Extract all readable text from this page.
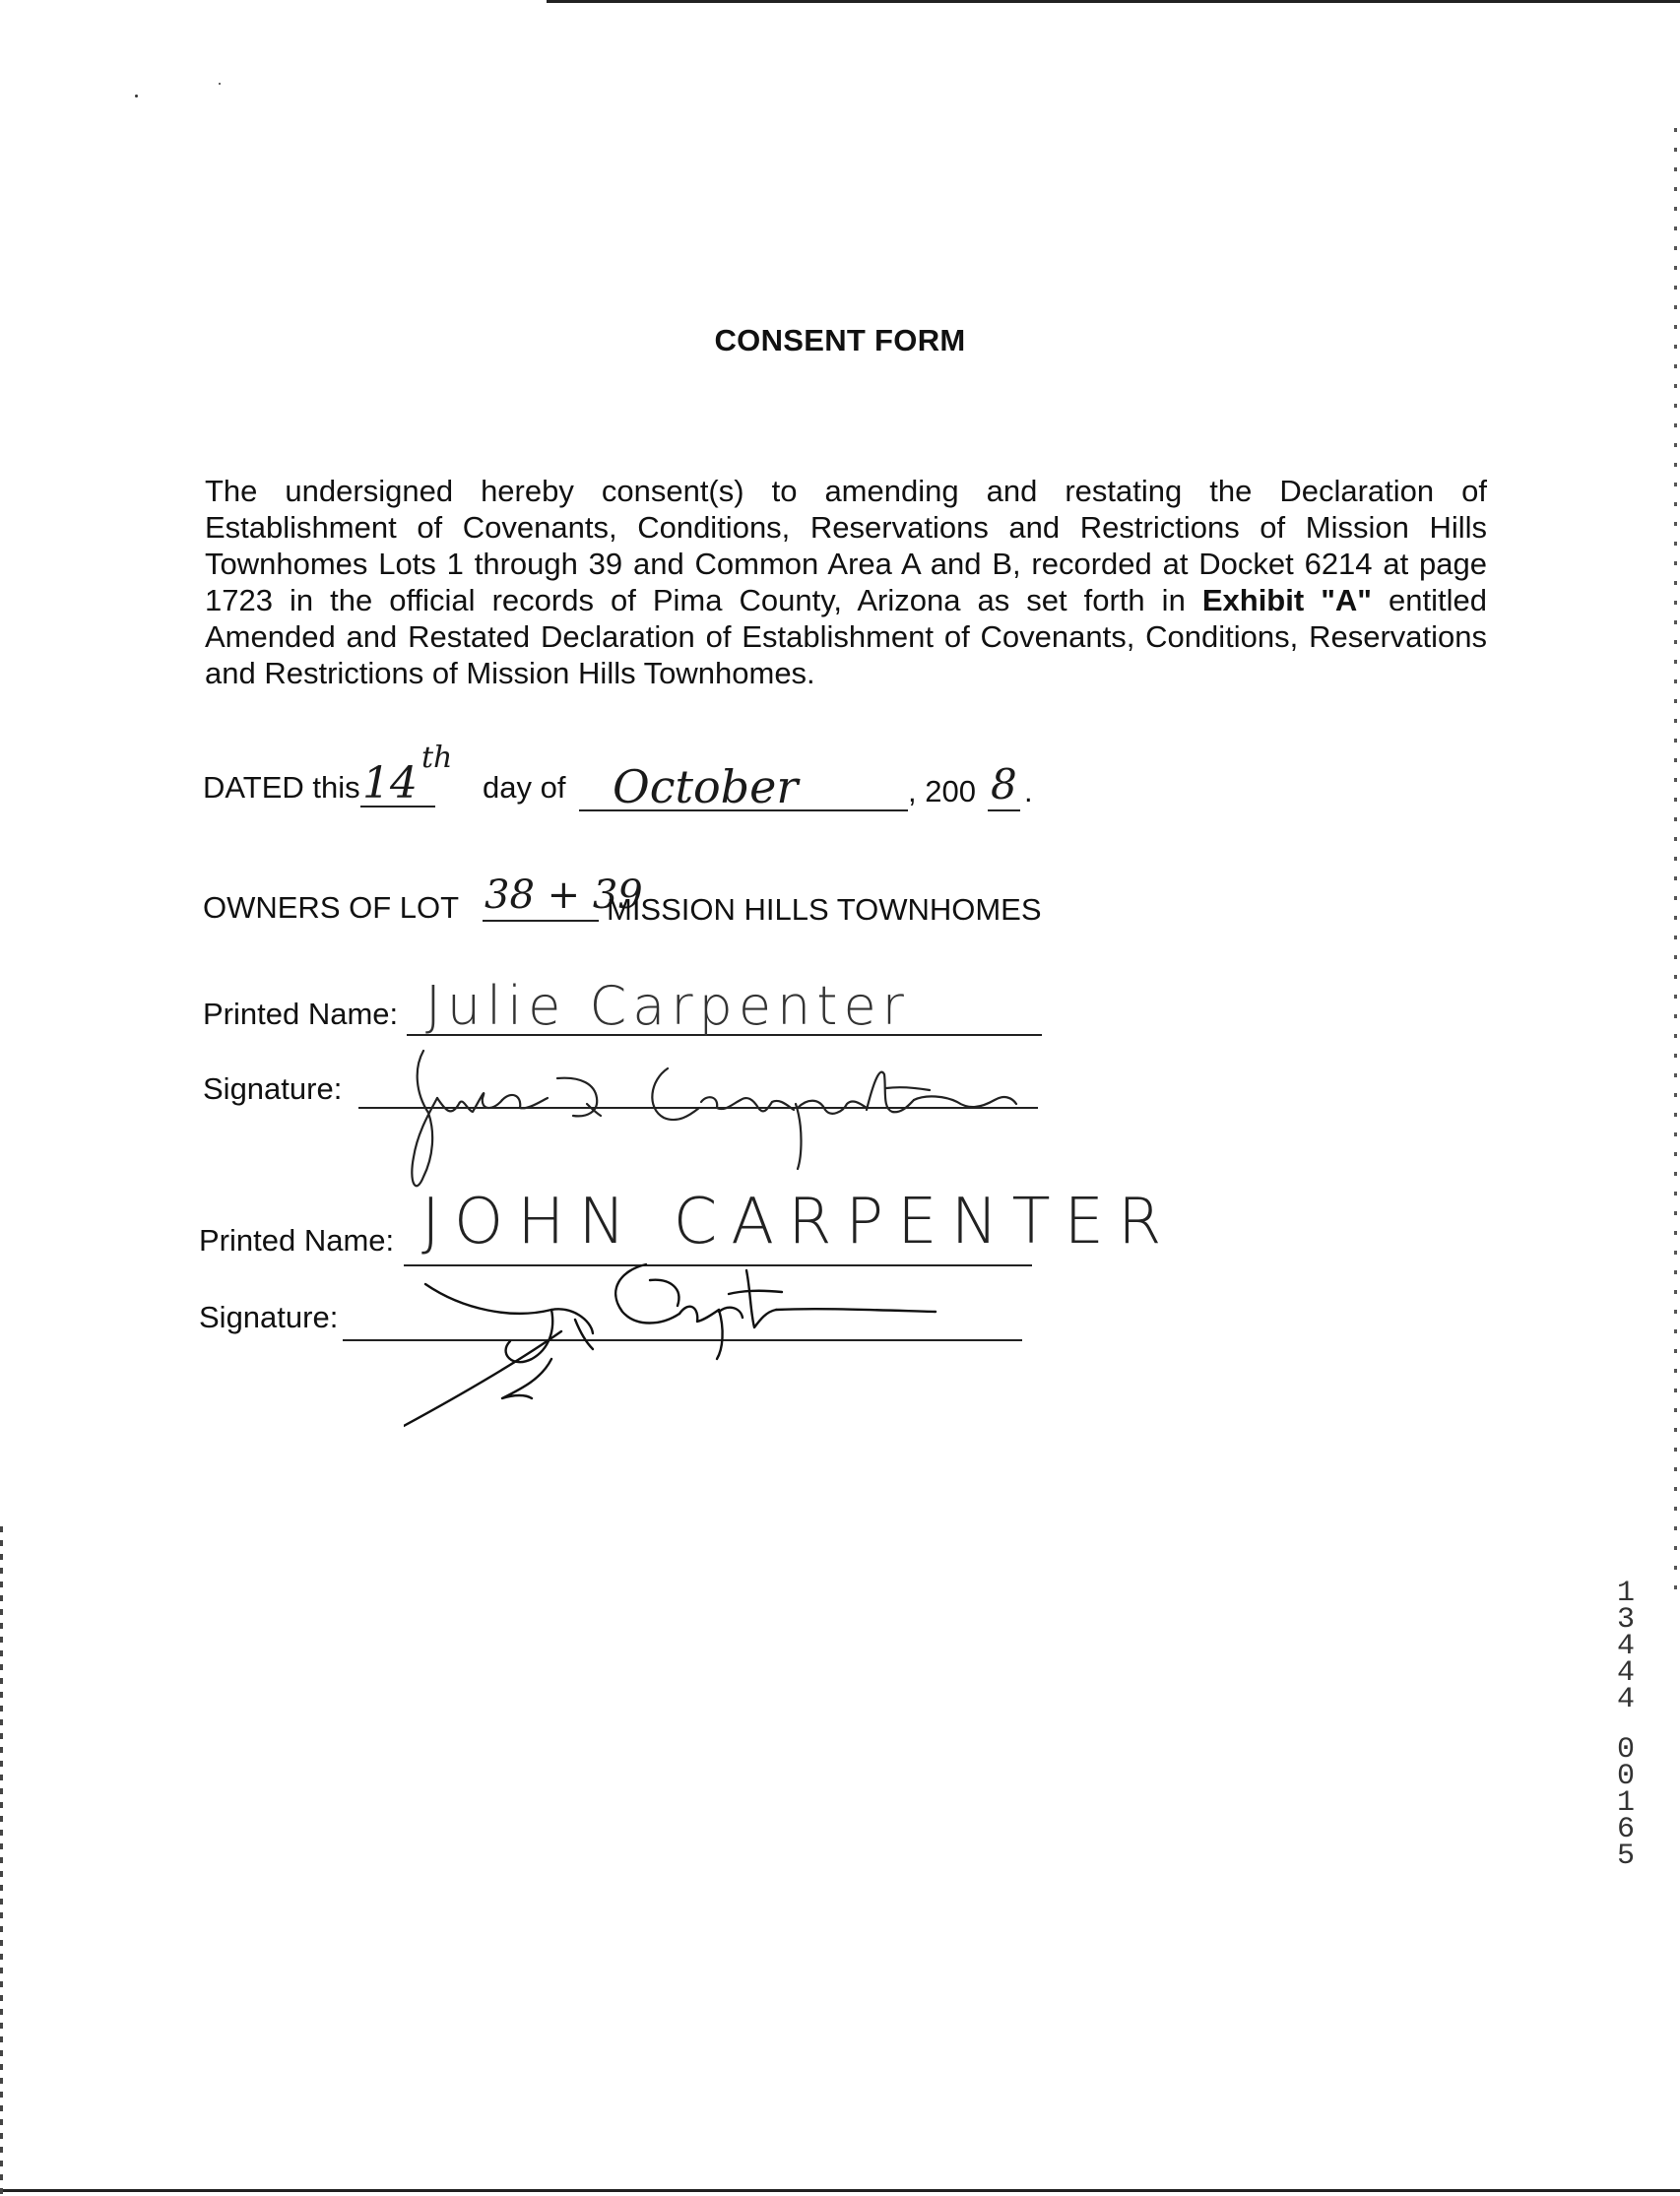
CONSENT FORM
The undersigned hereby consent(s) to amending and restating the Declaration of Establishment of Covenants, Conditions, Reservations and Restrictions of Mission Hills Townhomes Lots 1 through 39 and Common Area A and B, recorded at Docket 6214 at page 1723 in the official records of Pima County, Arizona as set forth in Exhibit "A" entitled Amended and Restated Declaration of Establishment of Covenants, Conditions, Reservations and Restrictions of Mission Hills Townhomes.
DATED this 14
th
day of October	, 200 8 .
OWNERS OF LOT 38 + 39
MISSION HILLS TOWNHOMES
Printed Name: Julie Carpenter
Signature:
Printed Name: JOHN CARPENTER
Signature:
1
3
4
4
4
0
0
1
6
5
